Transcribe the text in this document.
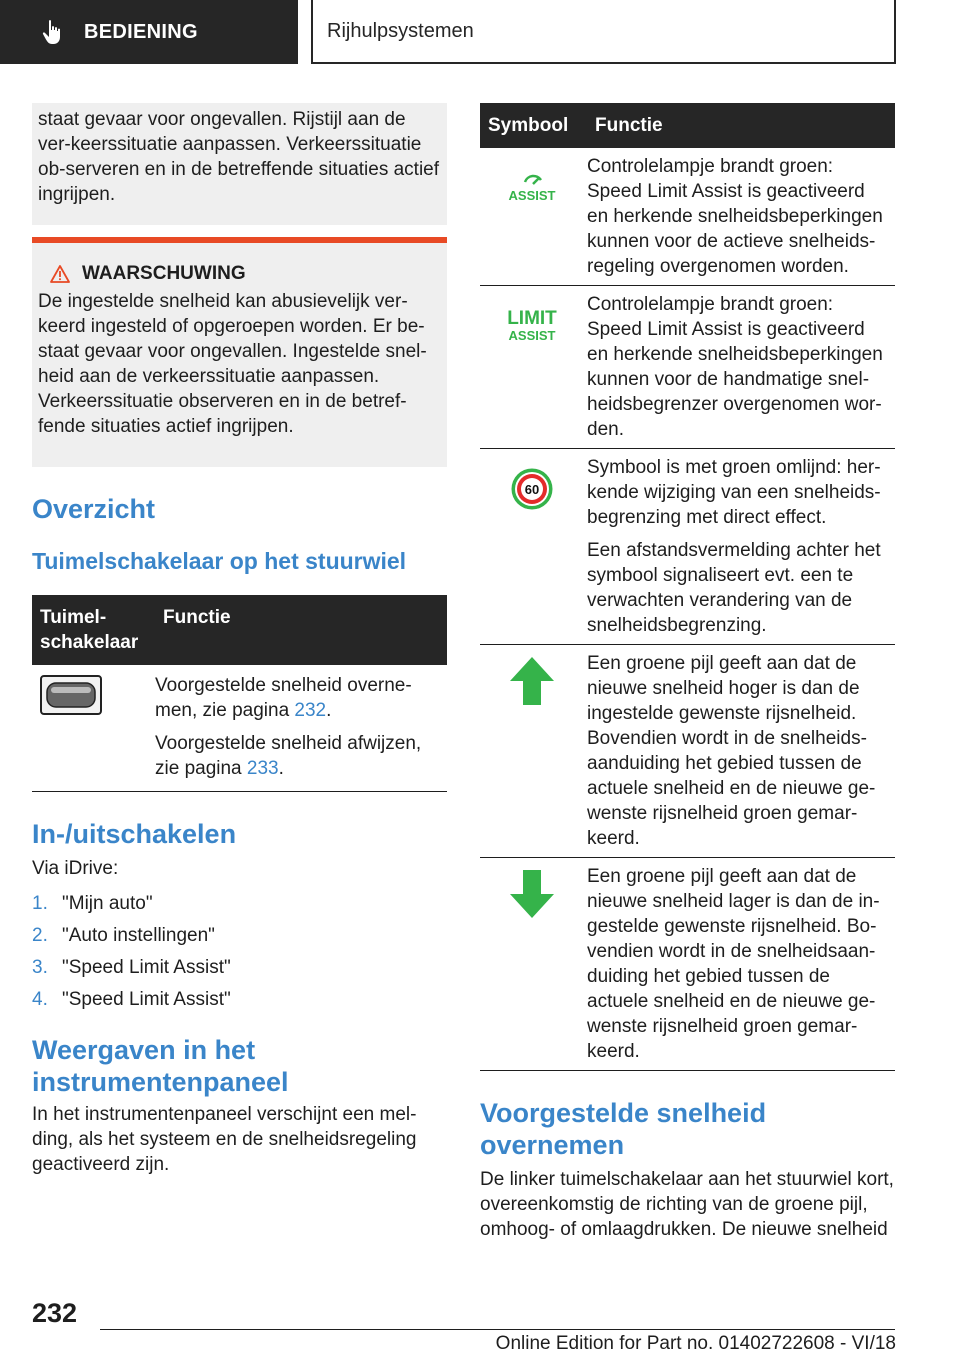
BEDIENING	Rijhulpsystemen

staat gevaar voor ongevallen. Rijstijl aan de ver-keerssituatie aanpassen. Verkeerssituatie ob-serveren en in de betreffende situaties actief ingrijpen.

WAARSCHUWING

De ingestelde snelheid kan abusievelijk ver-keerd ingesteld of opgeroepen worden. Er be-staat gevaar voor ongevallen. Ingestelde snel-heid aan de verkeerssituatie aanpassen. Verkeerssituatie observeren en in de betref-fende situaties actief ingrijpen.

Overzicht
Tuimelschakelaar op het stuurwiel
Tuimel-schakelaar	Functie

Voorgestelde snelheid overne-men, zie pagina 232.

Voorgestelde snelheid afwijzen, zie pagina 233.

In-/uitschakelen

Via iDrive:

1. "Mijn auto"
2. "Auto instellingen"
3. "Speed Limit Assist"
4. "Speed Limit Assist"
Weergaven in het instrumentenpaneel

In het instrumentenpaneel verschijnt een mel-ding, als het systeem en de snelheidsregeling geactiveerd zijn.

Symbool	Functie

ASSIST	Controlelampje brandt groen: Speed Limit Assist is geactiveerd en herkende snelheidsbeperkingen kunnen voor de actieve snelheids-regeling overgenomen worden.

LIMIT
ASSIST	Controlelampje brandt groen: Speed Limit Assist is geactiveerd en herkende snelheidsbeperkingen kunnen voor de handmatige snel-heidsbegrenzer overgenomen wor-den.

60	Symbool is met groen omlijnd: her-kende wijziging van een snelheids-begrenzing met direct effect.

Een afstandsvermelding achter het symbool signaliseert evt. een te verwachten verandering van de snelheidsbegrenzing.

Een groene pijl geeft aan dat de nieuwe snelheid hoger is dan de ingestelde gewenste rijsnelheid. Bovendien wordt in de snelheids-aanduiding het gebied tussen de actuele snelheid en de nieuwe ge-wenste rijsnelheid groen gemar-keerd.

Een groene pijl geeft aan dat de nieuwe snelheid lager is dan de in-gestelde gewenste rijsnelheid. Bo-vendien wordt in de snelheidsaan-duiding het gebied tussen de actuele snelheid en de nieuwe ge-wenste rijsnelheid groen gemar-keerd.

Voorgestelde snelheid overnemen

De linker tuimelschakelaar aan het stuurwiel kort, overeenkomstig de richting van de groene pijl, omhoog- of omlaagdrukken. De nieuwe snelheid

232
Online Edition for Part no. 01402722608 - VI/18
